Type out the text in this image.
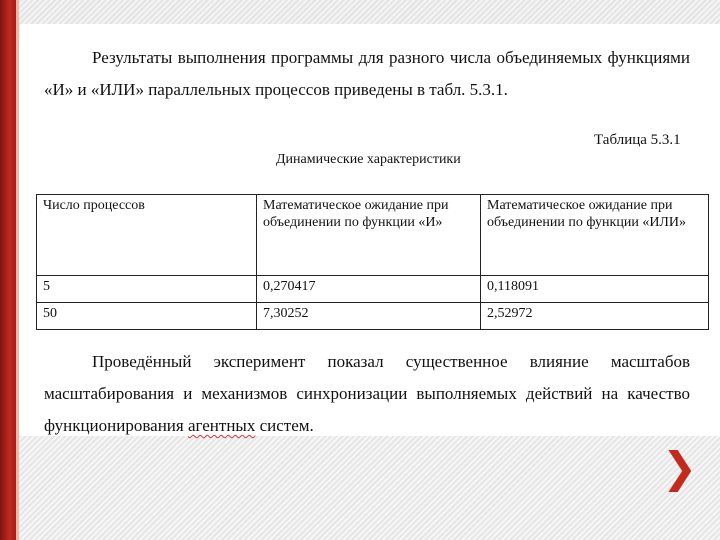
Результаты выполнения программы для разного числа объединяемых функциями «И» и «ИЛИ» параллельных процессов приведены в табл. 5.3.1.

Таблица 5.3.1
Динамические характеристики
Число процессов	Математическое ожидание при объединении по функции «И»	Математическое ожидание при объединении по функции «ИЛИ»
5	0,270417	0,118091
50	7,30252	2,52972

Проведённый эксперимент показал существенное влияние масштабов масштабирования и механизмов синхронизации выполняемых действий на качество функционирования агентных систем.

❯
